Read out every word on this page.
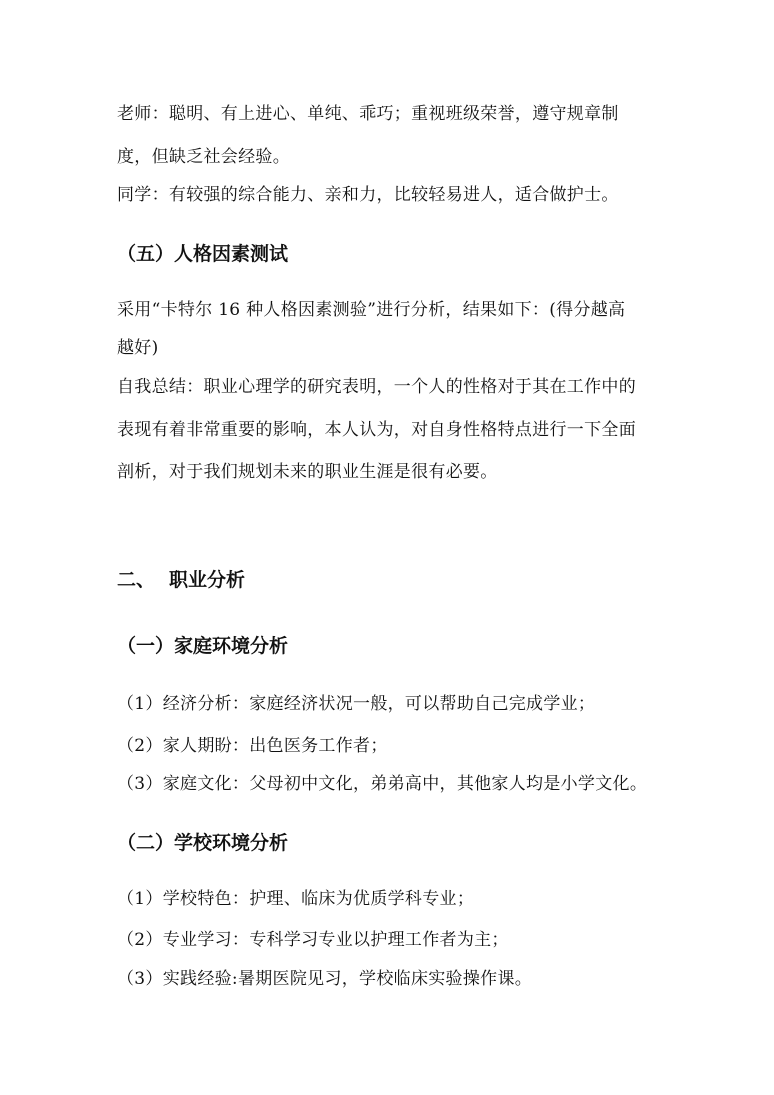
老师：聪明、有上进心、单纯、乖巧；重视班级荣誉，遵守规章制
度，但缺乏社会经验。
同学：有较强的综合能力、亲和力，比较轻易进人，适合做护士。
（五）人格因素测试
采用“卡特尔 16 种人格因素测验”进行分析，结果如下：(得分越高
越好)
自我总结：职业心理学的研究表明，一个人的性格对于其在工作中的
表现有着非常重要的影响，本人认为，对自身性格特点进行一下全面
剖析，对于我们规划未来的职业生涯是很有必要。
二、 职业分析
（一）家庭环境分析
（1）经济分析：家庭经济状况一般，可以帮助自己完成学业；
（2）家人期盼：出色医务工作者；
（3）家庭文化：父母初中文化，弟弟高中，其他家人均是小学文化。
（二）学校环境分析
（1）学校特色：护理、临床为优质学科专业；
（2）专业学习：专科学习专业以护理工作者为主；
（3）实践经验:暑期医院见习，学校临床实验操作课。
